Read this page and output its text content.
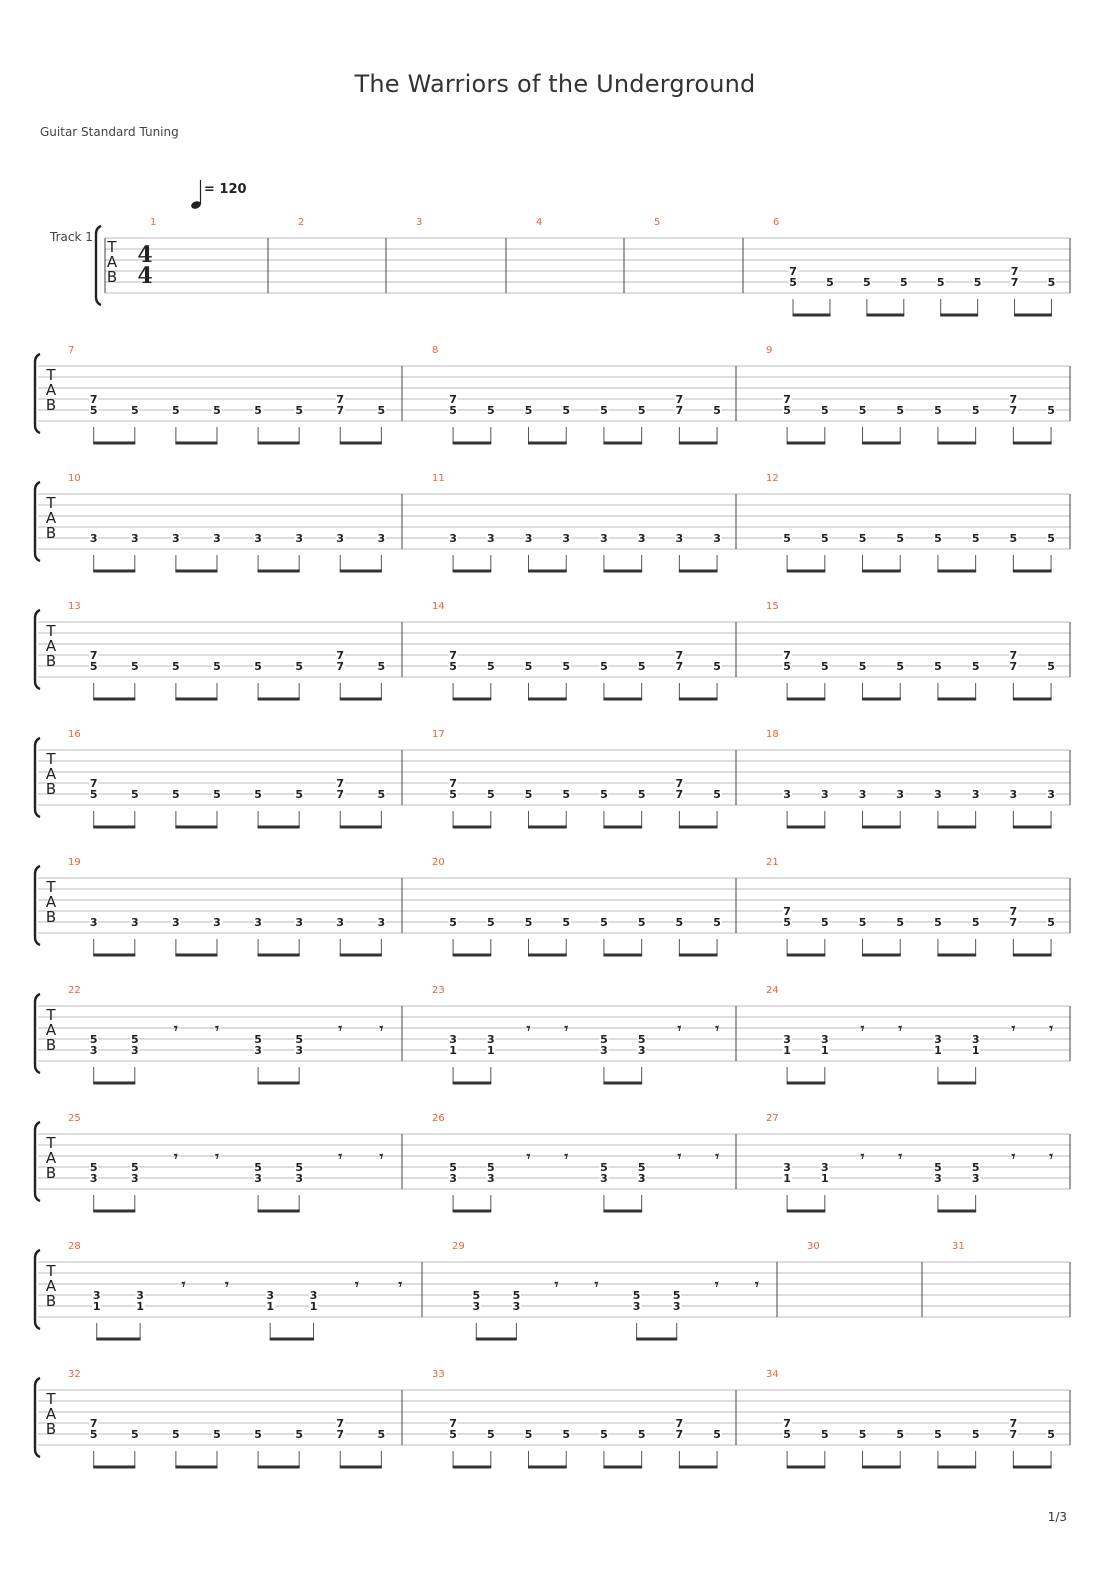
The Warriors of the Underground
Guitar Standard Tuning
= 120
T
A
B
Track 1
4
4
1	2	3	4	5	6
5
7
5	5	5	5	5	7
7
5
T
A
B
7
5
7
5	5	5	5	5	7
7
5
8
5
7
5	5	5	5	5	7
7
5
9
5
7
5	5	5	5	5	7
7
5
T
A
B
10
3	3	3	3	3	3	3	3
11
3	3	3	3	3	3	3	3
12
5	5	5	5	5	5	5	5
T
A
B
13
5
7
5	5	5	5	5	7
7
5
14
5
7
5	5	5	5	5	7
7
5
15
5
7
5	5	5	5	5	7
7
5
T
A
B
16
5
7
5	5	5	5	5	7
7
5
17
5
7
5	5	5	5	5	7
7
5
18
3	3	3	3	3	3	3	3
T
A
B
19
3	3	3	3	3	3	3	3
20
5	5	5	5	5	5	5	5
21
5
7
5	5	5	5	5	7
7
5
T
A
B
22
3
5
3
5
𝄾	𝄾
3
5
3
5
𝄾	𝄾
23
1
3
1
3
𝄾 𝄾
3
5
3
5
𝄾 𝄾
24
1
3
1
3
𝄾 𝄾
1
3
1
3
𝄾 𝄾
T
A
B
25
3
5
3
5
𝄾	𝄾
3
5
3
5
𝄾	𝄾
26
3
5
3
5
𝄾 𝄾
3
5
3
5
𝄾 𝄾
27
1
3
1
3
𝄾 𝄾
3
5
3
5
𝄾 𝄾
T
A
B
28
1
3
1
3
𝄾	𝄾
1
3
1
3
𝄾	𝄾
29
3
5
3
5
𝄾	𝄾
3
5
3
5
𝄾	𝄾
30	31
T
A
B
32
5
7
5	5	5	5	5	7
7
5
33
5
7
5	5	5	5	5	7
7
5
34
5
7
5	5	5	5	5	7
7
5
1/3
